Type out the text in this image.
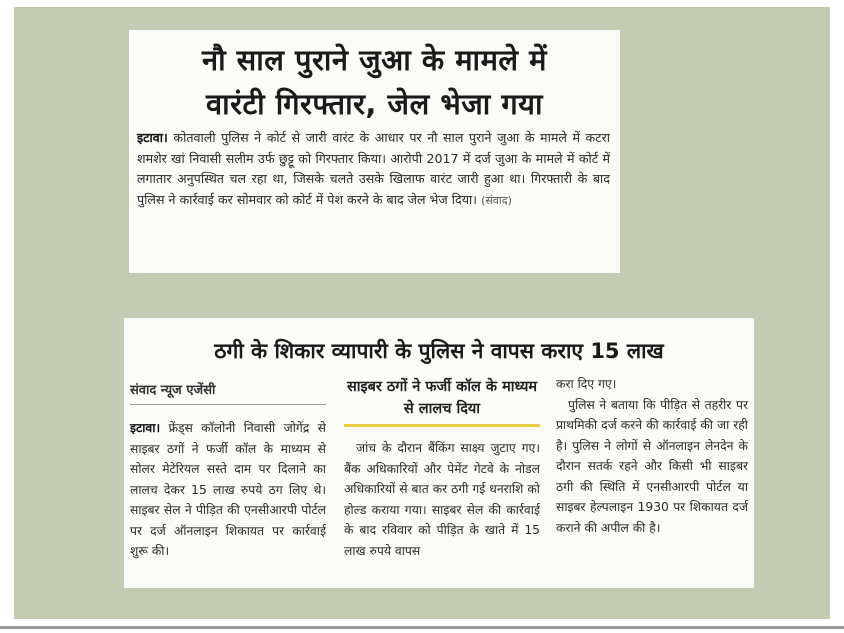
नौ साल पुराने जुआ के मामले में
वारंटी गिरफ्तार, जेल भेजा गया
इटावा। कोतवाली पुलिस ने कोर्ट से जारी वारंट के आधार पर नौ साल पुराने जुआ के मामले में कटरा शमशेर खां निवासी सलीम उर्फ छुट्टू को गिरफ्तार किया। आरोपी 2017 में दर्ज जुआ के मामले में कोर्ट में लगातार अनुपस्थित चल रहा था, जिसके चलते उसके खिलाफ वारंट जारी हुआ था। गिरफ्तारी के बाद पुलिस ने कार्रवाई कर सोमवार को कोर्ट में पेश करने के बाद जेल भेज दिया। (संवाद)
ठगी के शिकार व्यापारी के पुलिस ने वापस कराए 15 लाख
संवाद न्यूज एजेंसी
इटावा। फ्रेंड्स कॉलोनी निवासी जोगेंद्र से साइबर ठगों ने फर्जी कॉल के माध्यम से सोलर मेटेरियल सस्ते दाम पर दिलाने का लालच देकर 15 लाख रुपये ठग लिए थे। साइबर सेल ने पीड़ित की एनसीआरपी पोर्टल पर दर्ज ऑनलाइन शिकायत पर कार्रवाई शुरू की।
साइबर ठगों ने फर्जी कॉल के माध्यम से लालच दिया
जांच के दौरान बैंकिंग साक्ष्य जुटाए गए। बैंक अधिकारियों और पेमेंट गेटवे के नोडल अधिकारियों से बात कर ठगी गई धनराशि को होल्ड कराया गया। साइबर सेल की कार्रवाई के बाद रविवार को पीड़ित के खाते में 15 लाख रुपये वापस
करा दिए गए।
पुलिस ने बताया कि पीड़ित से तहरीर पर प्राथमिकी दर्ज करने की कार्रवाई की जा रही है। पुलिस ने लोगों से ऑनलाइन लेनदेन के दौरान सतर्क रहने और किसी भी साइबर ठगी की स्थिति में एनसीआरपी पोर्टल या साइबर हेल्पलाइन 1930 पर शिकायत दर्ज कराने की अपील की है।
